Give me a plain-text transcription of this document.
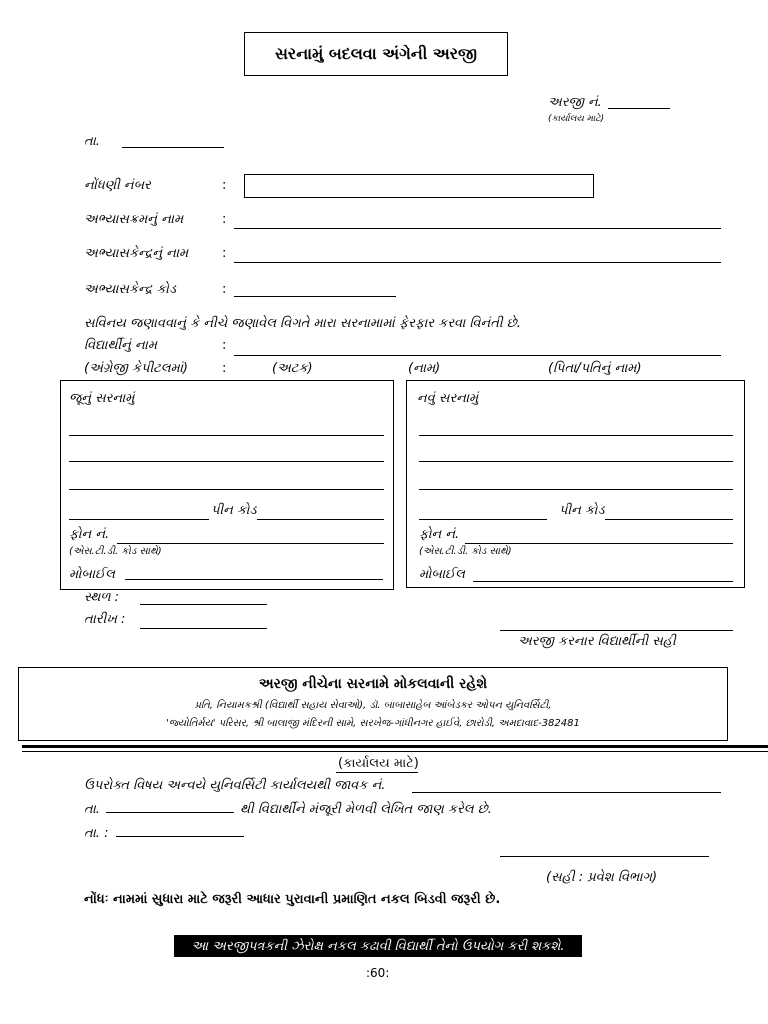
સરનામું બદલવા અંગેની અરજી
અરજી નં.
(કાર્યાલય માટે)
તા.
નોંધણી નંબર	:
અભ્યાસક્રમનું નામ	:
અભ્યાસકેન્દ્રનું નામ	:
અભ્યાસકેન્દ્ર કોડ	:
સવિનય જણાવવાનું કે નીચે જણાવેલ વિગતે મારા સરનામામાં ફેરફાર કરવા વિનંતી છે.
વિદ્યાર્થીનું નામ	:
(અંગ્રેજી કેપીટલમાં)	:	(અટક)	(નામ)	(પિતા/પતિનું નામ)
જૂનું સરનામું
પીન કોડ
ફોન નં.
(એસ.ટી.ડી. કોડ સાથે)
મોબાઈલ
નવું સરનામું
પીન કોડ
ફોન નં.
(એસ.ટી.ડી. કોડ સાથે)
મોબાઈલ
સ્થળ :
તારીખ :
અરજી કરનાર વિદ્યાર્થીની સહી
અરજી નીચેના સરનામે મોકલવાની રહેશે
પ્રતિ, નિયામકશ્રી (વિદ્યાર્થી સહાય સેવાઓ), ડૉ. બાબાસાહેબ આંબેડકર ઓપન યુનિવર્સિટી,
'જ્યોતિર્મય' પરિસર, શ્રી બાલાજી મંદિરની સામે, સરખેજ-ગાંધીનગર હાઈવે, છારોડી, અમદાવાદ-382481
(કાર્યાલય માટે)
ઉપરોક્ત વિષય અન્વયે યુનિવર્સિટી કાર્યાલયથી જાવક નં.
તા.	થી વિદ્યાર્થીને મંજૂરી મેળવી લેખિત જાણ કરેલ છે.
તા. :
(સહી : પ્રવેશ વિભાગ)
નોંધઃ નામમાં સુધારા માટે જરૂરી આધાર પુરાવાની પ્રમાણિત નકલ બિડવી જરૂરી છે.
આ અરજીપત્રકની ઝેરોક્ષ નકલ કઢાવી વિદ્યાર્થી તેનો ઉપયોગ કરી શકશે.
:60:
